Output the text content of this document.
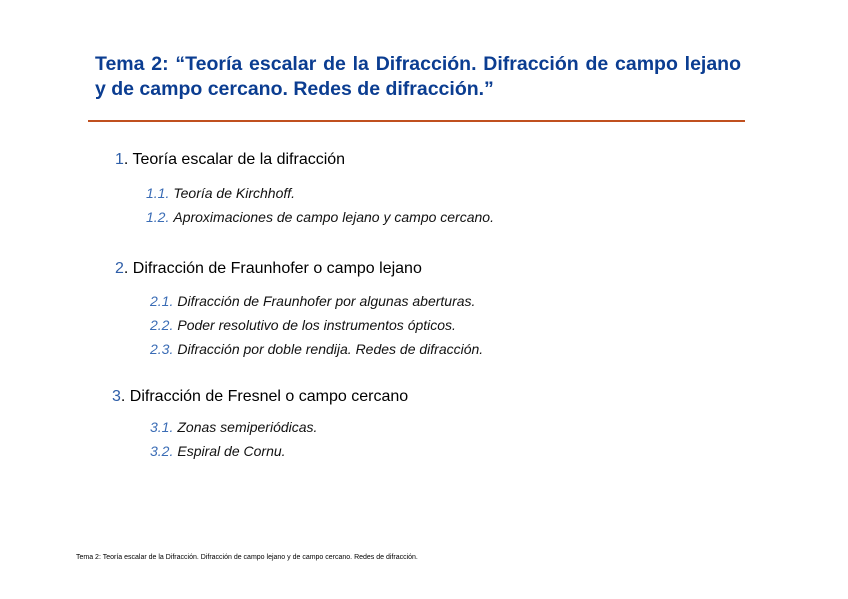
Tema 2: “Teoría escalar de la Difracción. Difracción de campo lejano y de campo cercano. Redes de difracción.”
1. Teoría escalar de la difracción
1.1. Teoría de Kirchhoff.
1.2. Aproximaciones de campo lejano y campo cercano.
2. Difracción de Fraunhofer o campo lejano
2.1. Difracción de Fraunhofer por algunas aberturas.
2.2. Poder resolutivo de los instrumentos ópticos.
2.3. Difracción por doble rendija. Redes de difracción.
3. Difracción de Fresnel o campo cercano
3.1. Zonas semiperiódicas.
3.2. Espiral de Cornu.
Tema 2: Teoría escalar de la Difracción. Difracción de campo lejano y de campo cercano. Redes de difracción.
